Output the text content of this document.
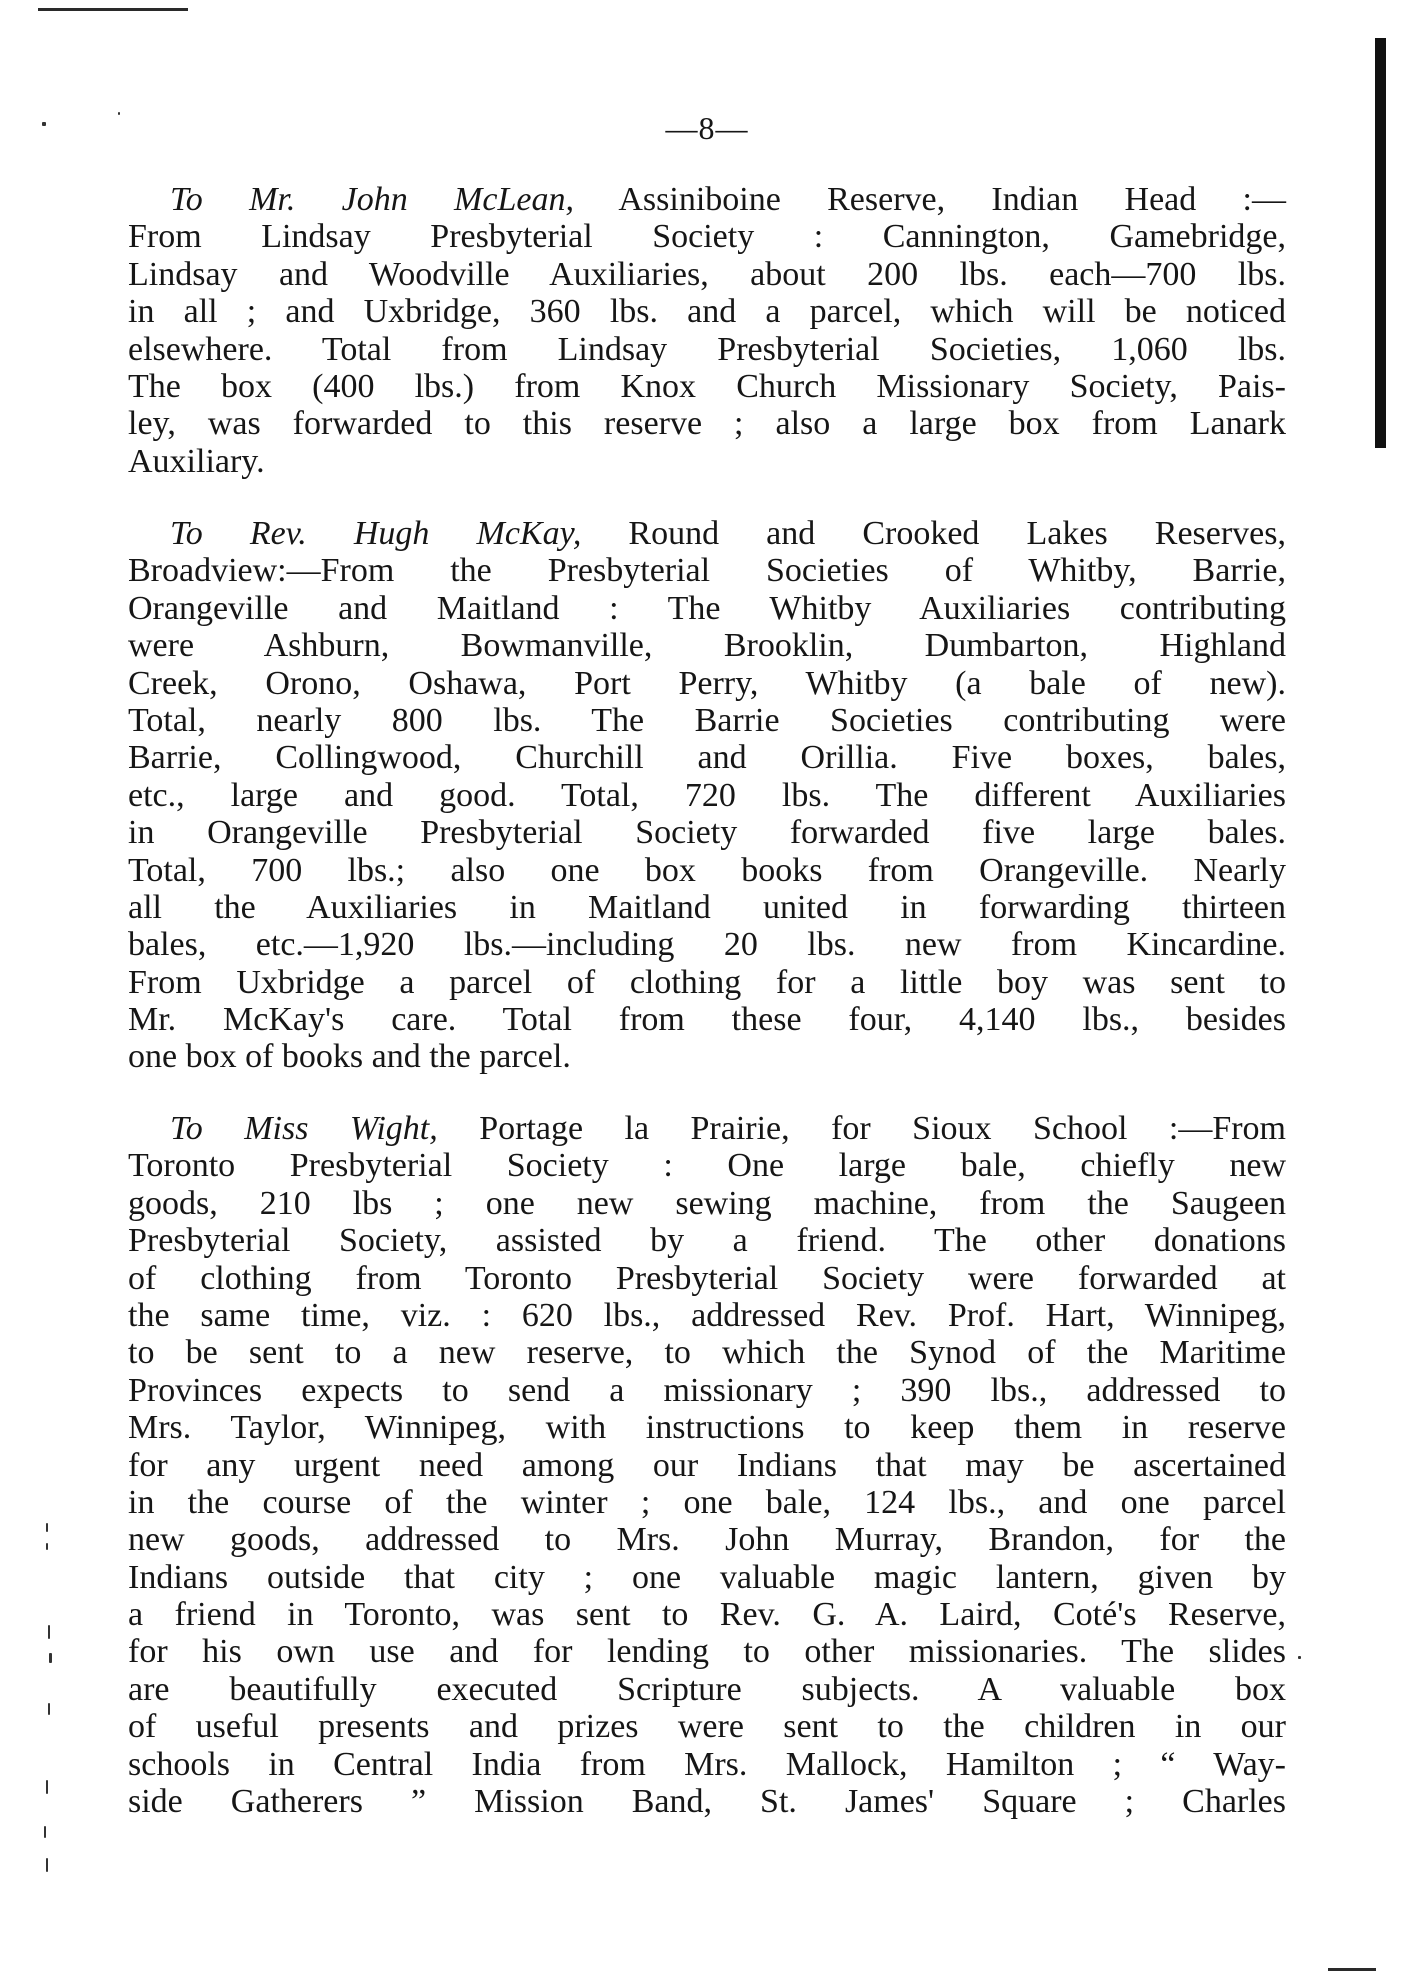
—8—
To Mr. John McLean, Assiniboine Reserve, Indian Head :—
From Lindsay Presbyterial Society : Cannington, Gamebridge,
Lindsay and Woodville Auxiliaries, about 200 lbs. each—700 lbs.
in all ; and Uxbridge, 360 lbs. and a parcel, which will be noticed
elsewhere. Total from Lindsay Presbyterial Societies, 1,060 lbs.
The box (400 lbs.) from Knox Church Missionary Society, Pais-
ley, was forwarded to this reserve ; also a large box from Lanark
Auxiliary.
To Rev. Hugh McKay, Round and Crooked Lakes Reserves,
Broadview:—From the Presbyterial Societies of Whitby, Barrie,
Orangeville and Maitland : The Whitby Auxiliaries contributing
were Ashburn, Bowmanville, Brooklin, Dumbarton, Highland
Creek, Orono, Oshawa, Port Perry, Whitby (a bale of new).
Total, nearly 800 lbs. The Barrie Societies contributing were
Barrie, Collingwood, Churchill and Orillia. Five boxes, bales,
etc., large and good. Total, 720 lbs. The different Auxiliaries
in Orangeville Presbyterial Society forwarded five large bales.
Total, 700 lbs.; also one box books from Orangeville. Nearly
all the Auxiliaries in Maitland united in forwarding thirteen
bales, etc.—1,920 lbs.—including 20 lbs. new from Kincardine.
From Uxbridge a parcel of clothing for a little boy was sent to
Mr. McKay's care. Total from these four, 4,140 lbs., besides
one box of books and the parcel.
To Miss Wight, Portage la Prairie, for Sioux School :—From
Toronto Presbyterial Society : One large bale, chiefly new
goods, 210 lbs ; one new sewing machine, from the Saugeen
Presbyterial Society, assisted by a friend. The other donations
of clothing from Toronto Presbyterial Society were forwarded at
the same time, viz. : 620 lbs., addressed Rev. Prof. Hart, Winnipeg,
to be sent to a new reserve, to which the Synod of the Maritime
Provinces expects to send a missionary ; 390 lbs., addressed to
Mrs. Taylor, Winnipeg, with instructions to keep them in reserve
for any urgent need among our Indians that may be ascertained
in the course of the winter ; one bale, 124 lbs., and one parcel
new goods, addressed to Mrs. John Murray, Brandon, for the
Indians outside that city ; one valuable magic lantern, given by
a friend in Toronto, was sent to Rev. G. A. Laird, Coté's Reserve,
for his own use and for lending to other missionaries. The slides
are beautifully executed Scripture subjects. A valuable box
of useful presents and prizes were sent to the children in our
schools in Central India from Mrs. Mallock, Hamilton ; “ Way-
side Gatherers ” Mission Band, St. James' Square ; Charles
